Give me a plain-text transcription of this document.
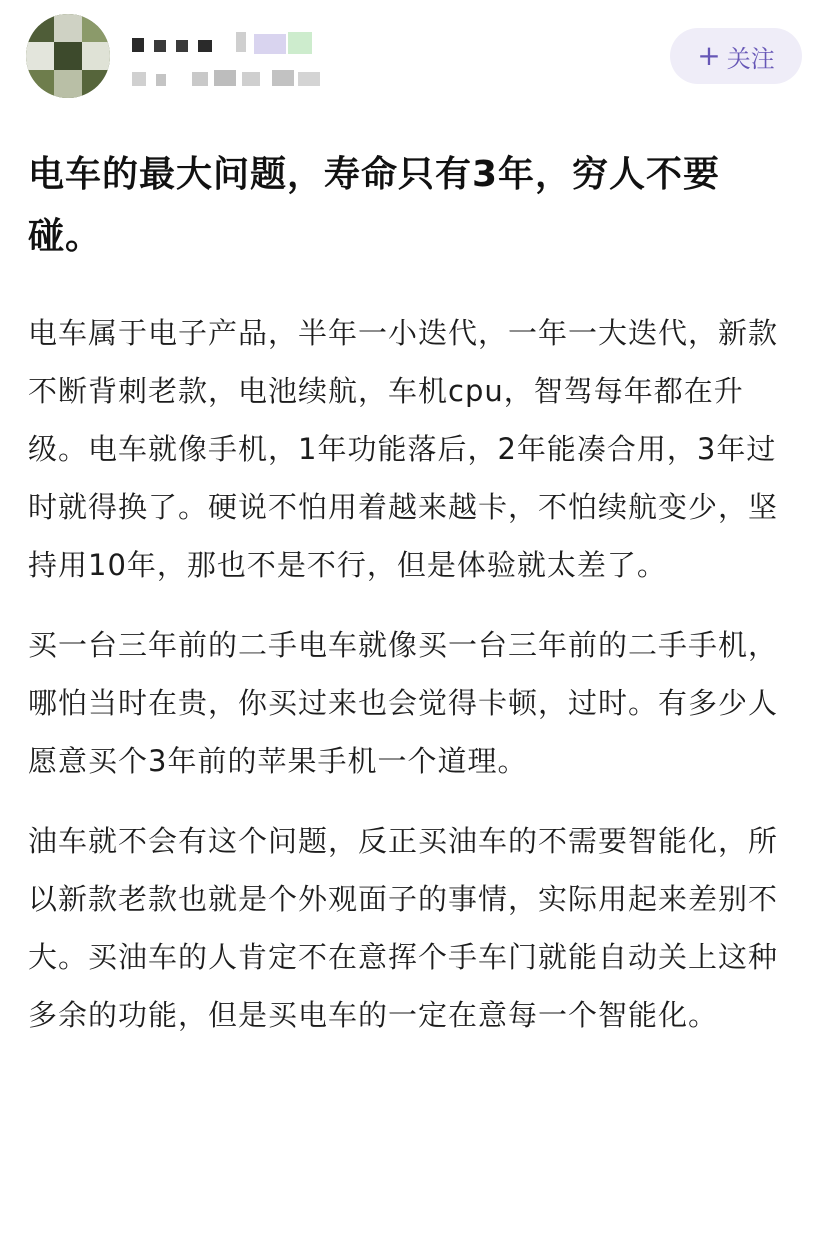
+ 关注
电车的最大问题，寿命只有3年，穷人不要碰。

电车属于电子产品，半年一小迭代，一年一大迭代，新款不断背刺老款，电池续航，车机cpu，智驾每年都在升级。电车就像手机，1年功能落后，2年能凑合用，3年过时就得换了。硬说不怕用着越来越卡，不怕续航变少，坚持用10年，那也不是不行，但是体验就太差了。

买一台三年前的二手电车就像买一台三年前的二手手机，哪怕当时在贵，你买过来也会觉得卡顿，过时。有多少人愿意买个3年前的苹果手机一个道理。

油车就不会有这个问题，反正买油车的不需要智能化，所以新款老款也就是个外观面子的事情，实际用起来差别不大。买油车的人肯定不在意挥个手车门就能自动关上这种多余的功能，但是买电车的一定在意每一个智能化。
